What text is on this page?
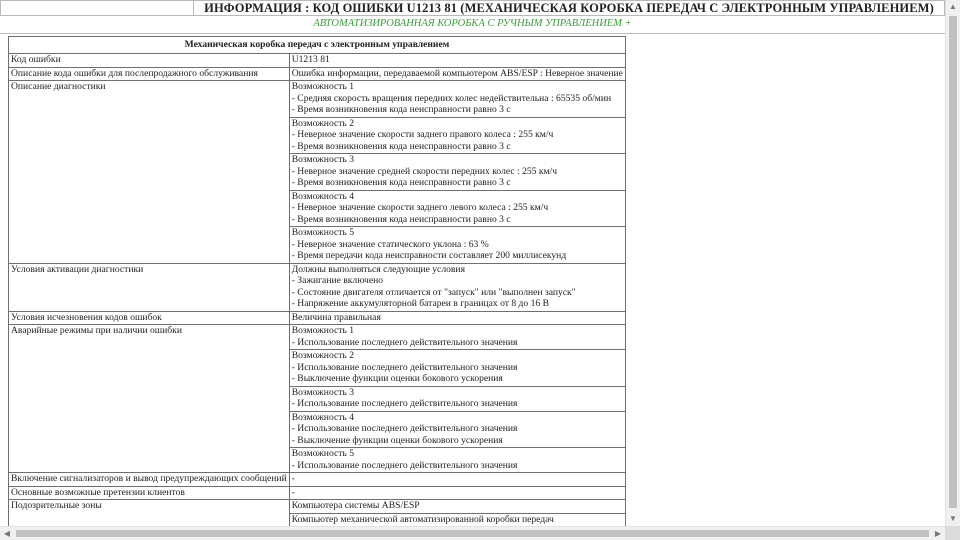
ИНФОРМАЦИЯ : КОД ОШИБКИ U1213 81 (МЕХАНИЧЕСКАЯ КОРОБКА ПЕРЕДАЧ С ЭЛЕКТРОННЫМ УПРАВЛЕНИЕМ)
АВТОМАТИЗИРОВАННАЯ КОРОБКА С РУЧНЫМ УПРАВЛЕНИЕМ +
Механическая коробка передач с электронным управлением	
Код ошибки	U1213 81
Описание кода ошибки для послепродажного обслуживания	Ошибка информации, передаваемой компьютером ABS/ESP : Неверное значение
Описание диагностики	Возможность 1
- Средняя скорость вращения передних колес недействительна : 65535 об/мин
- Время возникновения кода неисправности равно 3 с

	Возможность 2
- Неверное значение скорости заднего правого колеса : 255 км/ч
- Время возникновения кода неисправности равно 3 с

	Возможность 3
- Неверное значение средней скорости передних колес : 255 км/ч
- Время возникновения кода неисправности равно 3 с

	Возможность 4
- Неверное значение скорости заднего левого колеса : 255 км/ч
- Время возникновения кода неисправности равно 3 с

	Возможность 5
- Неверное значение статического уклона : 63 %
- Время передачи кода неисправности составляет 200 миллисекунд

Условия активации диагностики	Должны выполняться следующие условия
- Зажигание включено
- Состояние двигателя отличается от "запуск" или "выполнен запуск"
- Напряжение аккумуляторной батареи в границах от 8 до 16 В

Условия исчезновения кодов ошибок	Величина правильная
Аварийные режимы при наличии ошибки	Возможность 1
- Использование последнего действительного значения

	Возможность 2
- Использование последнего действительного значения
- Выключение функции оценки бокового ускорения

	Возможность 3
- Использование последнего действительного значения

	Возможность 4
- Использование последнего действительного значения
- Выключение функции оценки бокового ускорения

	Возможность 5
- Использование последнего действительного значения

Включение сигнализаторов и вывод предупреждающих сообщений	-
Основные возможные претензии клиентов	-
Подозрительные зоны	Компьютера системы ABS/ESP
	Компьютер механической автоматизированной коробки передач
▲
▼
◀	▶
